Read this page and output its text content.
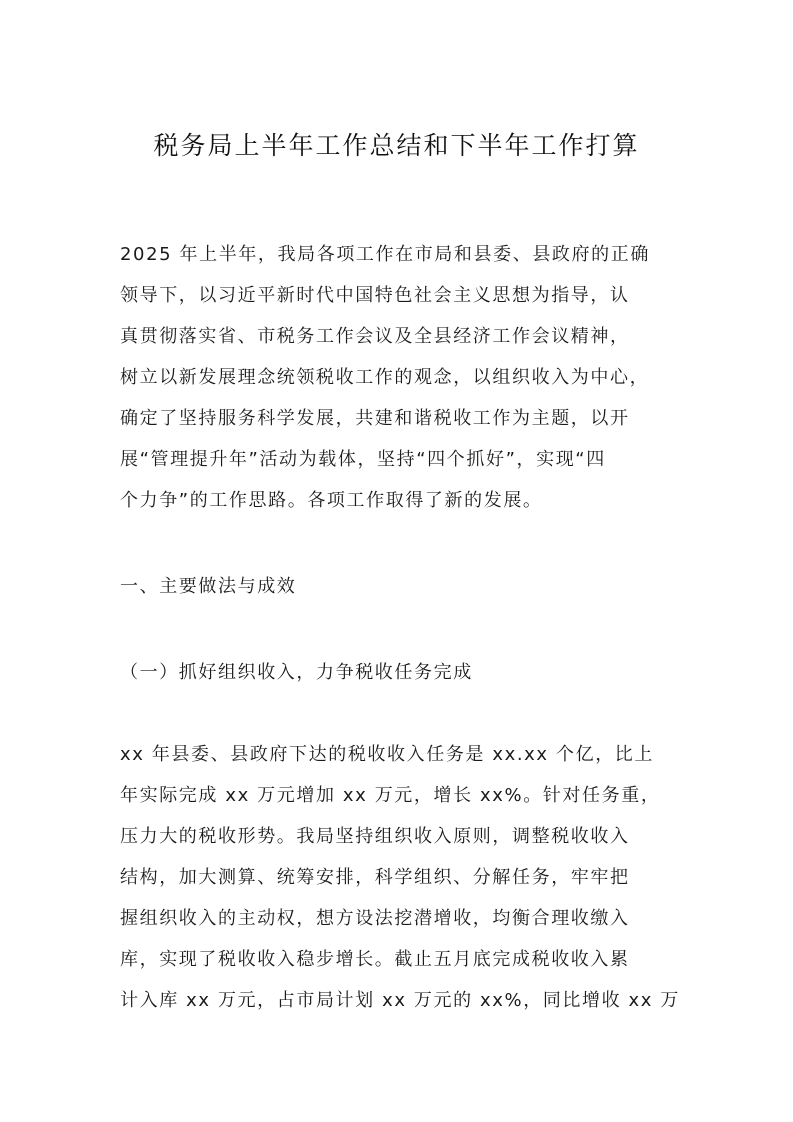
税务局上半年工作总结和下半年工作打算

2025 年上半年，我局各项工作在市局和县委、县政府的正确
领导下，以习近平新时代中国特色社会主义思想为指导，认
真贯彻落实省、市税务工作会议及全县经济工作会议精神，
树立以新发展理念统领税收工作的观念，以组织收入为中心，
确定了坚持服务科学发展，共建和谐税收工作为主题，以开
展“管理提升年”活动为载体，坚持“四个抓好”，实现“四
个力争”的工作思路。各项工作取得了新的发展。

一、主要做法与成效

（一）抓好组织收入，力争税收任务完成

xx 年县委、县政府下达的税收收入任务是 xx.xx 个亿，比上
年实际完成 xx 万元增加 xx 万元，增长 xx%。针对任务重，
压力大的税收形势。我局坚持组织收入原则，调整税收收入
结构，加大测算、统筹安排，科学组织、分解任务，牢牢把
握组织收入的主动权，想方设法挖潜增收，均衡合理收缴入
库，实现了税收收入稳步增长。截止五月底完成税收收入累
计入库 xx 万元，占市局计划 xx 万元的 xx%，同比增收 xx 万
